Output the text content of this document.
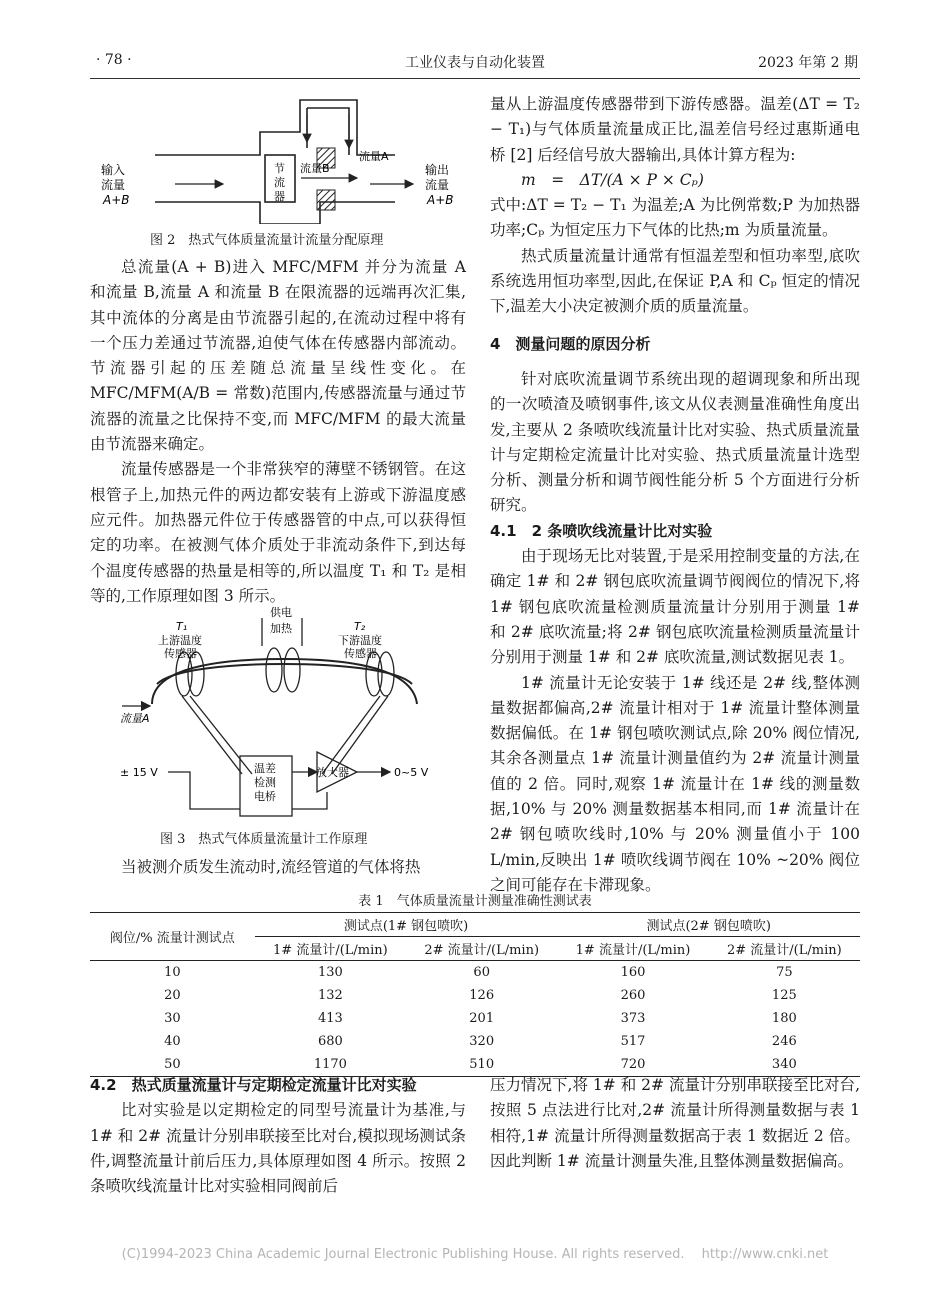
· 78 ·	工业仪表与自动化装置	2023 年第 2 期
输入
流量
A+B
输出
流量
A+B
节
流
器
流量B
流量A
图 2　热式气体质量流量计流量分配原理

总流量(A + B)进入 MFC/MFM 并分为流量 A 和流量 B,流量 A 和流量 B 在限流器的远端再次汇集,其中流体的分离是由节流器引起的,在流动过程中将有一个压力差通过节流器,迫使气体在传感器内部流动。节流器引起的压差随总流量呈线性变化。在 MFC/MFM(A/B = 常数)范围内,传感器流量与通过节流器的流量之比保持不变,而 MFC/MFM 的最大流量由节流器来确定。

流量传感器是一个非常狭窄的薄壁不锈钢管。在这根管子上,加热元件的两边都安装有上游或下游温度感应元件。加热器元件位于传感器管的中点,可以获得恒定的功率。在被测气体介质处于非流动条件下,到达每个温度传感器的热量是相等的,所以温度 T₁ 和 T₂ 是相等的,工作原理如图 3 所示。

T₁
上游温度
传感器
供电
加热	T₂
下游温度
传感器
流量A
温差
检测
电桥
± 15 V	放大器	0~5 V
图 3　热式气体质量流量计工作原理

当被测介质发生流动时,流经管道的气体将热

量从上游温度传感器带到下游传感器。温差(ΔT = T₂ − T₁)与气体质量流量成正比,温差信号经过惠斯通电桥 [2] 后经信号放大器输出,具体计算方程为:

m　=　ΔT/(A × P × Cₚ)

式中:ΔT = T₂ − T₁ 为温差;A 为比例常数;P 为加热器功率;Cₚ 为恒定压力下气体的比热;m 为质量流量。

热式质量流量计通常有恒温差型和恒功率型,底吹系统选用恒功率型,因此,在保证 P,A 和 Cₚ 恒定的情况下,温差大小决定被测介质的质量流量。

4　测量问题的原因分析

针对底吹流量调节系统出现的超调现象和所出现的一次喷渣及喷钢事件,该文从仪表测量准确性角度出发,主要从 2 条喷吹线流量计比对实验、热式质量流量计与定期检定流量计比对实验、热式质量流量计选型分析、测量分析和调节阀性能分析 5 个方面进行分析研究。

4.1　2 条喷吹线流量计比对实验

由于现场无比对装置,于是采用控制变量的方法,在确定 1# 和 2# 钢包底吹流量调节阀阀位的情况下,将 1# 钢包底吹流量检测质量流量计分别用于测量 1# 和 2# 底吹流量;将 2# 钢包底吹流量检测质量流量计分别用于测量 1# 和 2# 底吹流量,测试数据见表 1。

1# 流量计无论安装于 1# 线还是 2# 线,整体测量数据都偏高,2# 流量计相对于 1# 流量计整体测量数据偏低。在 1# 钢包喷吹测试点,除 20% 阀位情况,其余各测量点 1# 流量计测量值约为 2# 流量计测量值的 2 倍。同时,观察 1# 流量计在 1# 线的测量数据,10% 与 20% 测量数据基本相同,而 1# 流量计在 2# 钢包喷吹线时,10% 与 20% 测量值小于 100 L/min,反映出 1# 喷吹线调节阀在 10% ~20% 阀位之间可能存在卡滞现象。

表 1　气体质量流量计测量准确性测试表
阀位/% 流量计测试点	测试点(1# 钢包喷吹)		测试点(2# 钢包喷吹)	
	1# 流量计/(L/min)	2# 流量计/(L/min)	1# 流量计/(L/min)	2# 流量计/(L/min)
10	130	60	160	75
20	132	126	260	125
30	413	201	373	180
40	680	320	517	246
50	1170	510	720	340

4.2　热式质量流量计与定期检定流量计比对实验

比对实验是以定期检定的同型号流量计为基准,与 1# 和 2# 流量计分别串联接至比对台,模拟现场测试条件,调整流量计前后压力,具体原理如图 4 所示。按照 2 条喷吹线流量计比对实验相同阀前后

压力情况下,将 1# 和 2# 流量计分别串联接至比对台,按照 5 点法进行比对,2# 流量计所得测量数据与表 1 相符,1# 流量计所得测量数据高于表 1 数据近 2 倍。因此判断 1# 流量计测量失准,且整体测量数据偏高。

(C)1994-2023 China Academic Journal Electronic Publishing House. All rights reserved.　 http://www.cnki.net
